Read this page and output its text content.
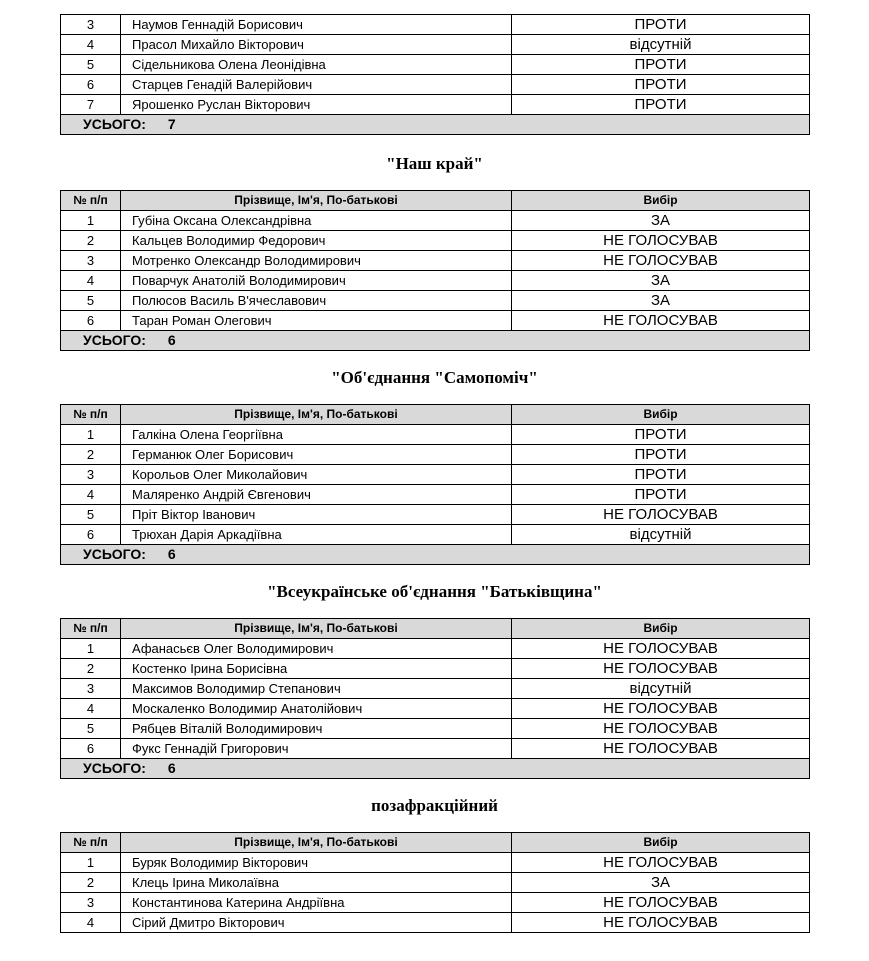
3	Наумов Геннадій Борисович	ПРОТИ
4	Прасол Михайло Вікторович	відсутній
5	Сідельникова Олена Леонідівна	ПРОТИ
6	Старцев Генадій Валерійович	ПРОТИ
7	Ярошенко Руслан Вікторович	ПРОТИ
УСЬОГО: 7		
"Наш край"
№ п/п	Прізвище, Ім'я, По-батькові	Вибір
1	Губіна Оксана Олександрівна	ЗА
2	Кальцев Володимир Федорович	НЕ ГОЛОСУВАВ
3	Мотренко Олександр Володимирович	НЕ ГОЛОСУВАВ
4	Поварчук Анатолій Володимирович	ЗА
5	Полюсов Василь В'ячеславович	ЗА
6	Таран Роман Олегович	НЕ ГОЛОСУВАВ
УСЬОГО: 6		
"Об'єднання "Самопоміч"
№ п/п	Прізвище, Ім'я, По-батькові	Вибір
1	Галкіна Олена Георгіївна	ПРОТИ
2	Германюк Олег Борисович	ПРОТИ
3	Корольов Олег Миколайович	ПРОТИ
4	Маляренко Андрій Євгенович	ПРОТИ
5	Пріт Віктор Іванович	НЕ ГОЛОСУВАВ
6	Трюхан Дарія Аркадіївна	відсутній
УСЬОГО: 6		
"Всеукраїнське об'єднання "Батьківщина"
№ п/п	Прізвище, Ім'я, По-батькові	Вибір
1	Афанасьєв Олег Володимирович	НЕ ГОЛОСУВАВ
2	Костенко Ірина Борисівна	НЕ ГОЛОСУВАВ
3	Максимов Володимир Степанович	відсутній
4	Москаленко Володимир Анатолійович	НЕ ГОЛОСУВАВ
5	Рябцев Віталій Володимирович	НЕ ГОЛОСУВАВ
6	Фукс Геннадій Григорович	НЕ ГОЛОСУВАВ
УСЬОГО: 6		
позафракційний
№ п/п	Прізвище, Ім'я, По-батькові	Вибір
1	Буряк Володимир Вікторович	НЕ ГОЛОСУВАВ
2	Клець Ірина Миколаївна	ЗА
3	Константинова Катерина Андріївна	НЕ ГОЛОСУВАВ
4	Сірий Дмитро Вікторович	НЕ ГОЛОСУВАВ
